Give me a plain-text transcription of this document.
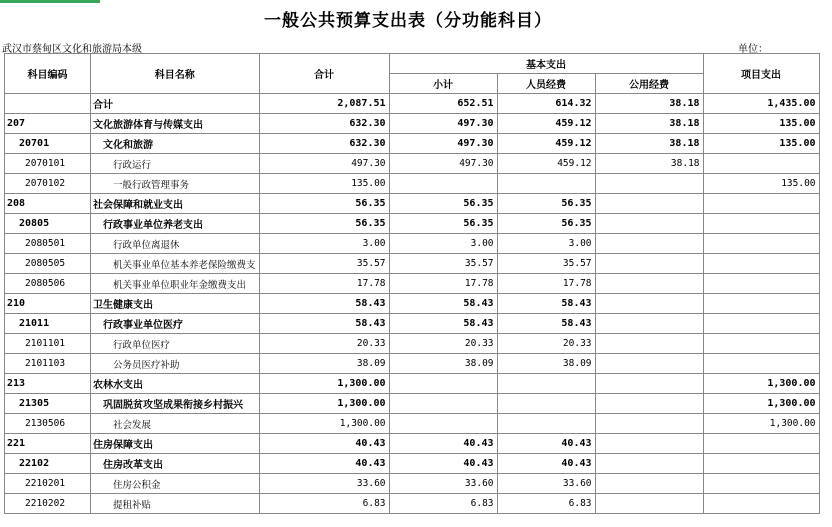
一般公共预算支出表（分功能科目）
武汉市蔡甸区文化和旅游局本级	单位：
科目编码	科目名称	合计	基本支出			项目支出
			小计	人员经费	公用经费	
	合计	2,087.51	652.51	614.32	38.18	1,435.00
207	文化旅游体育与传媒支出	632.30	497.30	459.12	38.18	135.00
20701	文化和旅游	632.30	497.30	459.12	38.18	135.00
2070101	行政运行	497.30	497.30	459.12	38.18	
2070102	一般行政管理事务	135.00				135.00
208	社会保障和就业支出	56.35	56.35	56.35		
20805	行政事业单位养老支出	56.35	56.35	56.35		
2080501	行政单位离退休	3.00	3.00	3.00		
2080505	机关事业单位基本养老保险缴费支	35.57	35.57	35.57		
2080506	机关事业单位职业年金缴费支出	17.78	17.78	17.78		
210	卫生健康支出	58.43	58.43	58.43		
21011	行政事业单位医疗	58.43	58.43	58.43		
2101101	行政单位医疗	20.33	20.33	20.33		
2101103	公务员医疗补助	38.09	38.09	38.09		
213	农林水支出	1,300.00				1,300.00
21305	巩固脱贫攻坚成果衔接乡村振兴	1,300.00				1,300.00
2130506	社会发展	1,300.00				1,300.00
221	住房保障支出	40.43	40.43	40.43		
22102	住房改革支出	40.43	40.43	40.43		
2210201	住房公积金	33.60	33.60	33.60		
2210202	提租补贴	6.83	6.83	6.83		
